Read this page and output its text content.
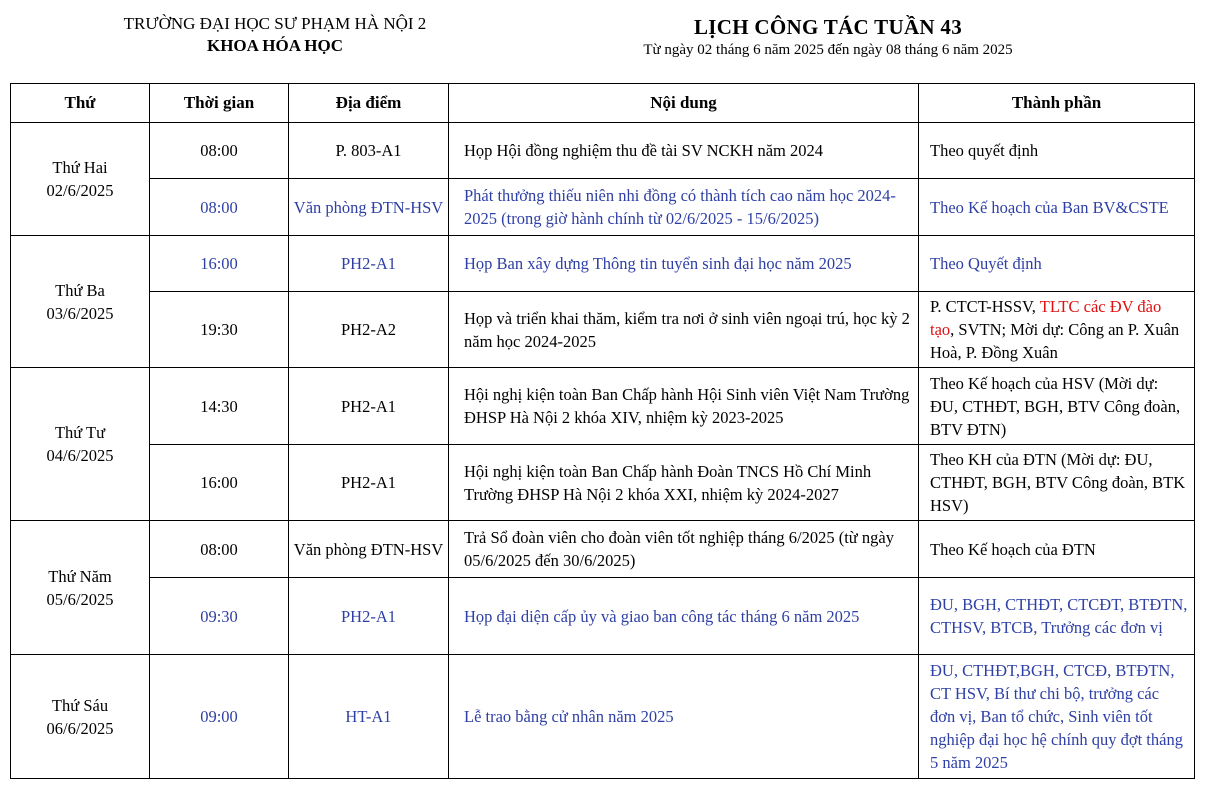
TRƯỜNG ĐẠI HỌC SƯ PHẠM HÀ NỘI 2
KHOA HÓA HỌC
LỊCH CÔNG TÁC TUẦN 43
Từ ngày 02 tháng 6 năm 2025 đến ngày 08 tháng 6 năm 2025
Thứ	Thời gian	Địa điểm	Nội dung	Thành phần

Thứ Hai
02/6/2025	08:00	P. 803-A1	Họp Hội đồng nghiệm thu đề tài SV NCKH năm 2024	Theo quyết định
	08:00	Văn phòng ĐTN-HSV	Phát thưởng thiếu niên nhi đồng có thành tích cao năm học 2024-2025 (trong giờ hành chính từ 02/6/2025 - 15/6/2025)	Theo Kế hoạch của Ban BV&CSTE

Thứ Ba
03/6/2025	16:00	PH2-A1	Họp Ban xây dựng Thông tin tuyển sinh đại học năm 2025	Theo Quyết định
	19:30	PH2-A2	Họp và triển khai thăm, kiểm tra nơi ở sinh viên ngoại trú, học kỳ 2 năm học 2024-2025	P. CTCT-HSSV, TLTC các ĐV đào tạo, SVTN; Mời dự: Công an P. Xuân Hoà, P. Đồng Xuân

Thứ Tư
04/6/2025	14:30	PH2-A1	Hội nghị kiện toàn Ban Chấp hành Hội Sinh viên Việt Nam Trường ĐHSP Hà Nội 2 khóa XIV, nhiệm kỳ 2023-2025	Theo Kế hoạch của HSV (Mời dự: ĐU, CTHĐT, BGH, BTV Công đoàn, BTV ĐTN)
	16:00	PH2-A1	Hội nghị kiện toàn Ban Chấp hành Đoàn TNCS Hồ Chí Minh Trường ĐHSP Hà Nội 2 khóa XXI, nhiệm kỳ 2024-2027	Theo KH của ĐTN (Mời dự: ĐU, CTHĐT, BGH, BTV Công đoàn, BTK HSV)

Thứ Năm
05/6/2025	08:00	Văn phòng ĐTN-HSV	Trả Sổ đoàn viên cho đoàn viên tốt nghiệp tháng 6/2025 (từ ngày 05/6/2025 đến 30/6/2025)	Theo Kế hoạch của ĐTN
	09:30	PH2-A1	Họp đại diện cấp ủy và giao ban công tác tháng 6 năm 2025	ĐU, BGH, CTHĐT, CTCĐT, BTĐTN, CTHSV, BTCB, Trưởng các đơn vị

Thứ Sáu
06/6/2025	09:00	HT-A1	Lễ trao bằng cử nhân năm 2025	ĐU, CTHĐT,BGH, CTCĐ, BTĐTN, CT HSV, Bí thư chi bộ, trưởng các đơn vị, Ban tổ chức, Sinh viên tốt nghiệp đại học hệ chính quy đợt tháng 5 năm 2025
